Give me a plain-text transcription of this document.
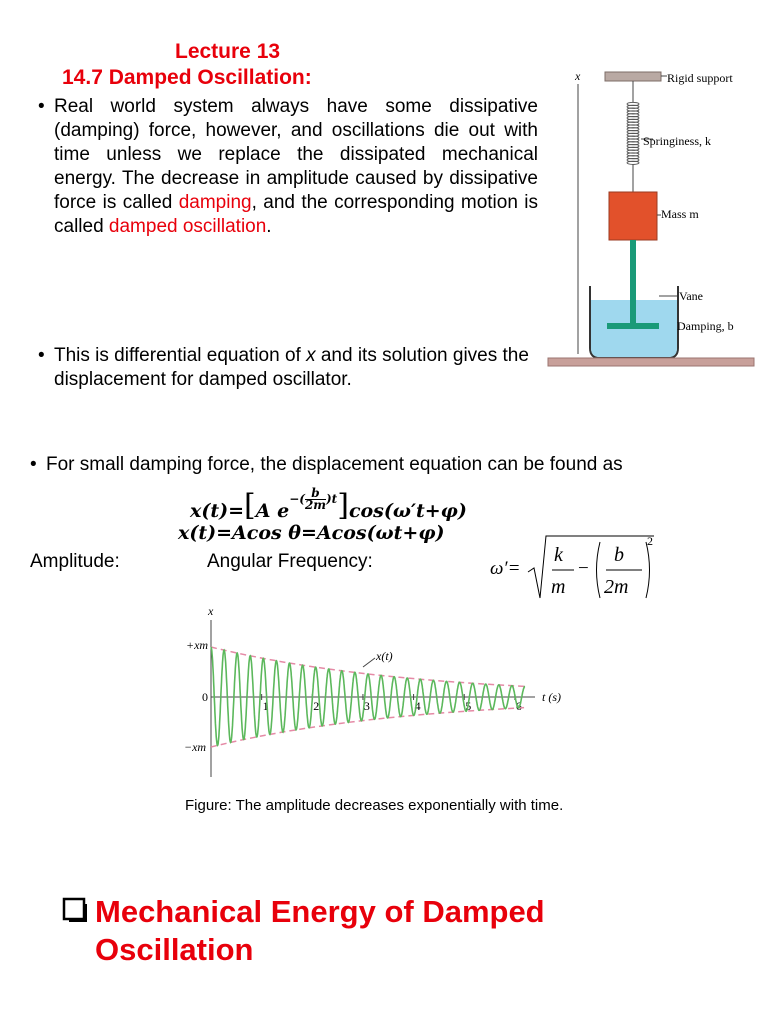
Lecture 13
14.7 Damped Oscillation:
• Real world system always have some dissipative (damping) force, however, and oscillations die out with time unless we replace the dissipated mechanical energy. The decrease in amplitude caused by dissipative force is called damping, and the corresponding motion is called damped oscillation.
x	Rigid support
Springiness, k
Mass m
Vane
Damping, b
• This is differential equation of x and its solution gives the displacement for damped oscillator.
• For small damping force, the displacement equation can be found as
x(t)=[A $e-( \frac{b}{2m} )t]\cos(\omega't+\varphi)$
x(t)=Acos θ=Acos(ωt+φ)
Amplitude:	Angular Frequency:	ω′=
k
m
−
b
2m
2
x
+xm
0
−xm
1	2	3	4	5	6
x(t)
t (s)
Figure: The amplitude decreases exponentially with time.
Mechanical Energy of Damped
Oscillation
